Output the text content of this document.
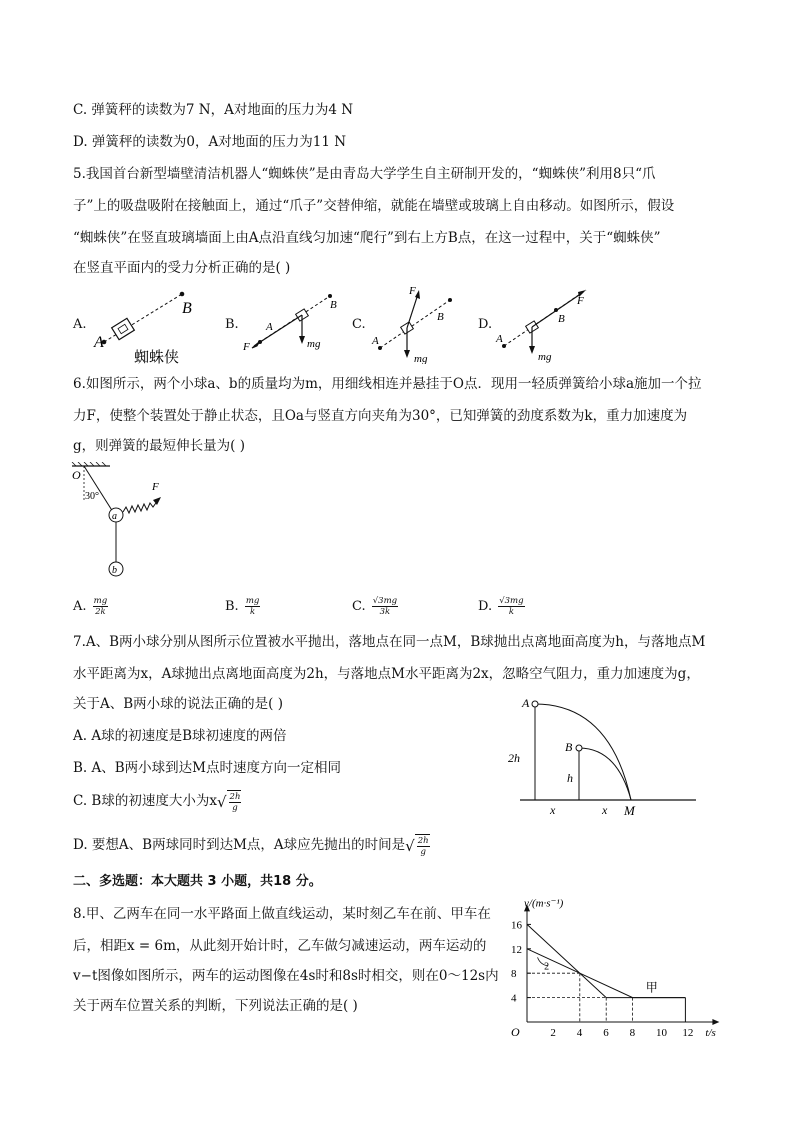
C. 弹簧秤的读数为7 N，A对地面的压力为4 N
D. 弹簧秤的读数为0，A对地面的压力为11 N
5.我国首台新型墙壁清洁机器人“蜘蛛侠”是由青岛大学学生自主研制开发的，“蜘蛛侠”利用8只“爪
子”上的吸盘吸附在接触面上，通过“爪子”交替伸缩，就能在墙壁或玻璃上自由移动。如图所示，假设
“蜘蛛侠”在竖直玻璃墙面上由A点沿直线匀加速“爬行”到右上方B点，在这一过程中，关于“蜘蛛侠”
在竖直平面内的受力分析正确的是( )
A.
A
B
蜘蛛侠
B. A
B
F	mg
C.
A
B
F
mg
D.
A
B
F
mg
6.如图所示，两个小球a、b的质量均为m，用细线相连并悬挂于O点．现用一轻质弹簧给小球a施加一个拉
力F，使整个装置处于静止状态，且Oa与竖直方向夹角为30°，已知弹簧的劲度系数为k，重力加速度为
g，则弹簧的最短伸长量为( )
O
30°
F
a
b
A. $\frac{mg}{2k}$	B. $\frac{mg}{k}$	C. $\frac{√3mg}{3k}$	D. $\frac{√3mg}{k}$
7.A、B两小球分别从图所示位置被水平抛出，落地点在同一点M，B球抛出点离地面高度为h，与落地点M
水平距离为x，A球抛出点离地面高度为2h，与落地点M水平距离为2x，忽略空气阻力，重力加速度为g，
关于A、B两小球的说法正确的是( )
A. A球的初速度是B球初速度的两倍
B. A、B两小球到达M点时速度方向一定相同
C. B球的初速度大小为x √ $\frac{2h}{g}$
D. 要想A、B两球同时到达M点，A球应先抛出的时间是 √ $\frac{2h}{g}$
A
B
2h
h
x	x M
二、多选题：本大题共 3 小题，共18 分。
8.甲、乙两车在同一水平路面上做直线运动，某时刻乙车在前、甲车在
后，相距x = 6m，从此刻开始计时，乙车做匀减速运动，两车运动的
v−t图像如图所示，两车的运动图像在4s时和8s时相交，则在0～12s内
关于两车位置关系的判断，下列说法正确的是( )
2 4 6 8 10 12
4
8
12
16
甲
2
v/(m·s⁻¹)
t/s
O
